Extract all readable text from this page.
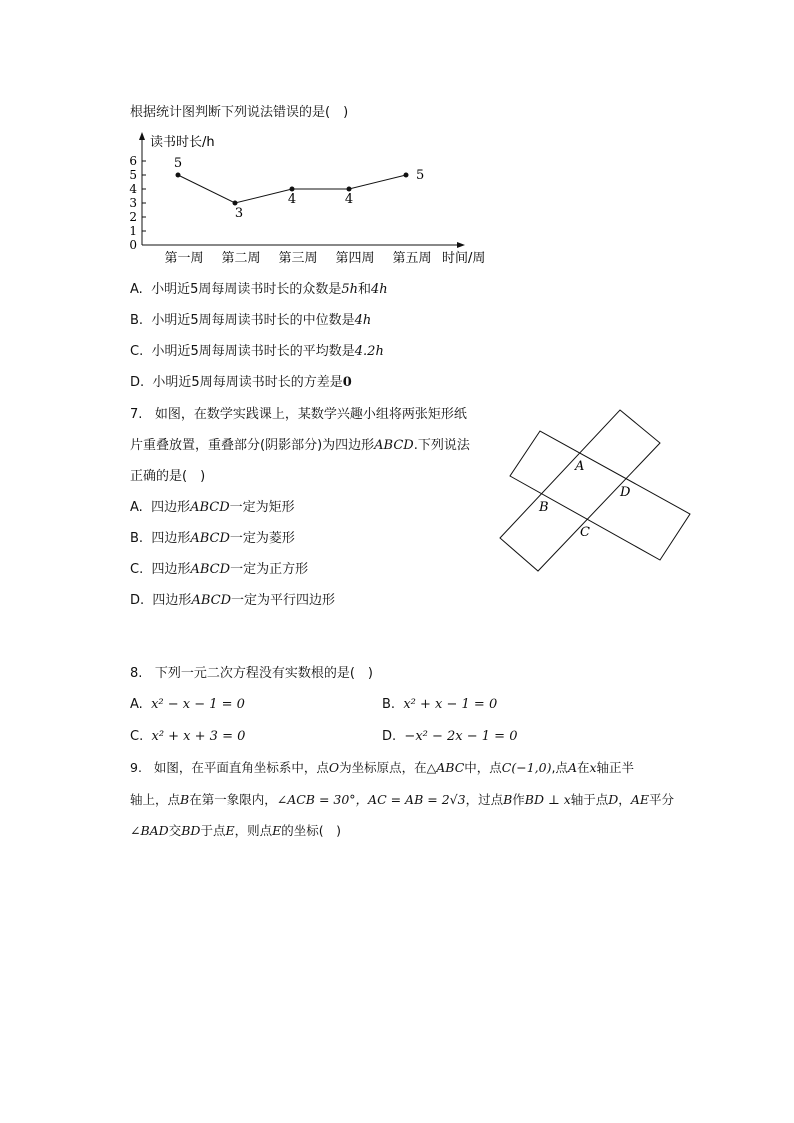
根据统计图判断下列说法错误的是(　)
0
1
2
3
4
5
6
读书时长/h
第一周 第二周 第三周 第四周 第五周 时间/周
5
3
4	4
5
A. 小明近5周每周读书时长的众数是5h和4h
B. 小明近5周每周读书时长的中位数是4h
C. 小明近5周每周读书时长的平均数是4.2h
D. 小明近5周每周读书时长的方差是0
7. 如图，在数学实践课上，某数学兴趣小组将两张矩形纸
片重叠放置，重叠部分(阴影部分)为四边形ABCD.下列说法
正确的是(　)
A. 四边形ABCD一定为矩形
B. 四边形ABCD一定为菱形
C. 四边形ABCD一定为正方形
D. 四边形ABCD一定为平行四边形
A
D
B
C
8. 下列一元二次方程没有实数根的是(　)
A. x² − x − 1 = 0	B. x² + x − 1 = 0
C. x² + x + 3 = 0	D. −x² − 2x − 1 = 0
9. 如图，在平面直角坐标系中，点O为坐标原点，在△ABC中，点C(−1,0),点A在x轴正半
轴上，点B在第一象限内，∠ACB = 30°，AC = AB = 2√3，过点B作BD ⊥ x轴于点D，AE平分
∠BAD交BD于点E，则点E的坐标(　)
